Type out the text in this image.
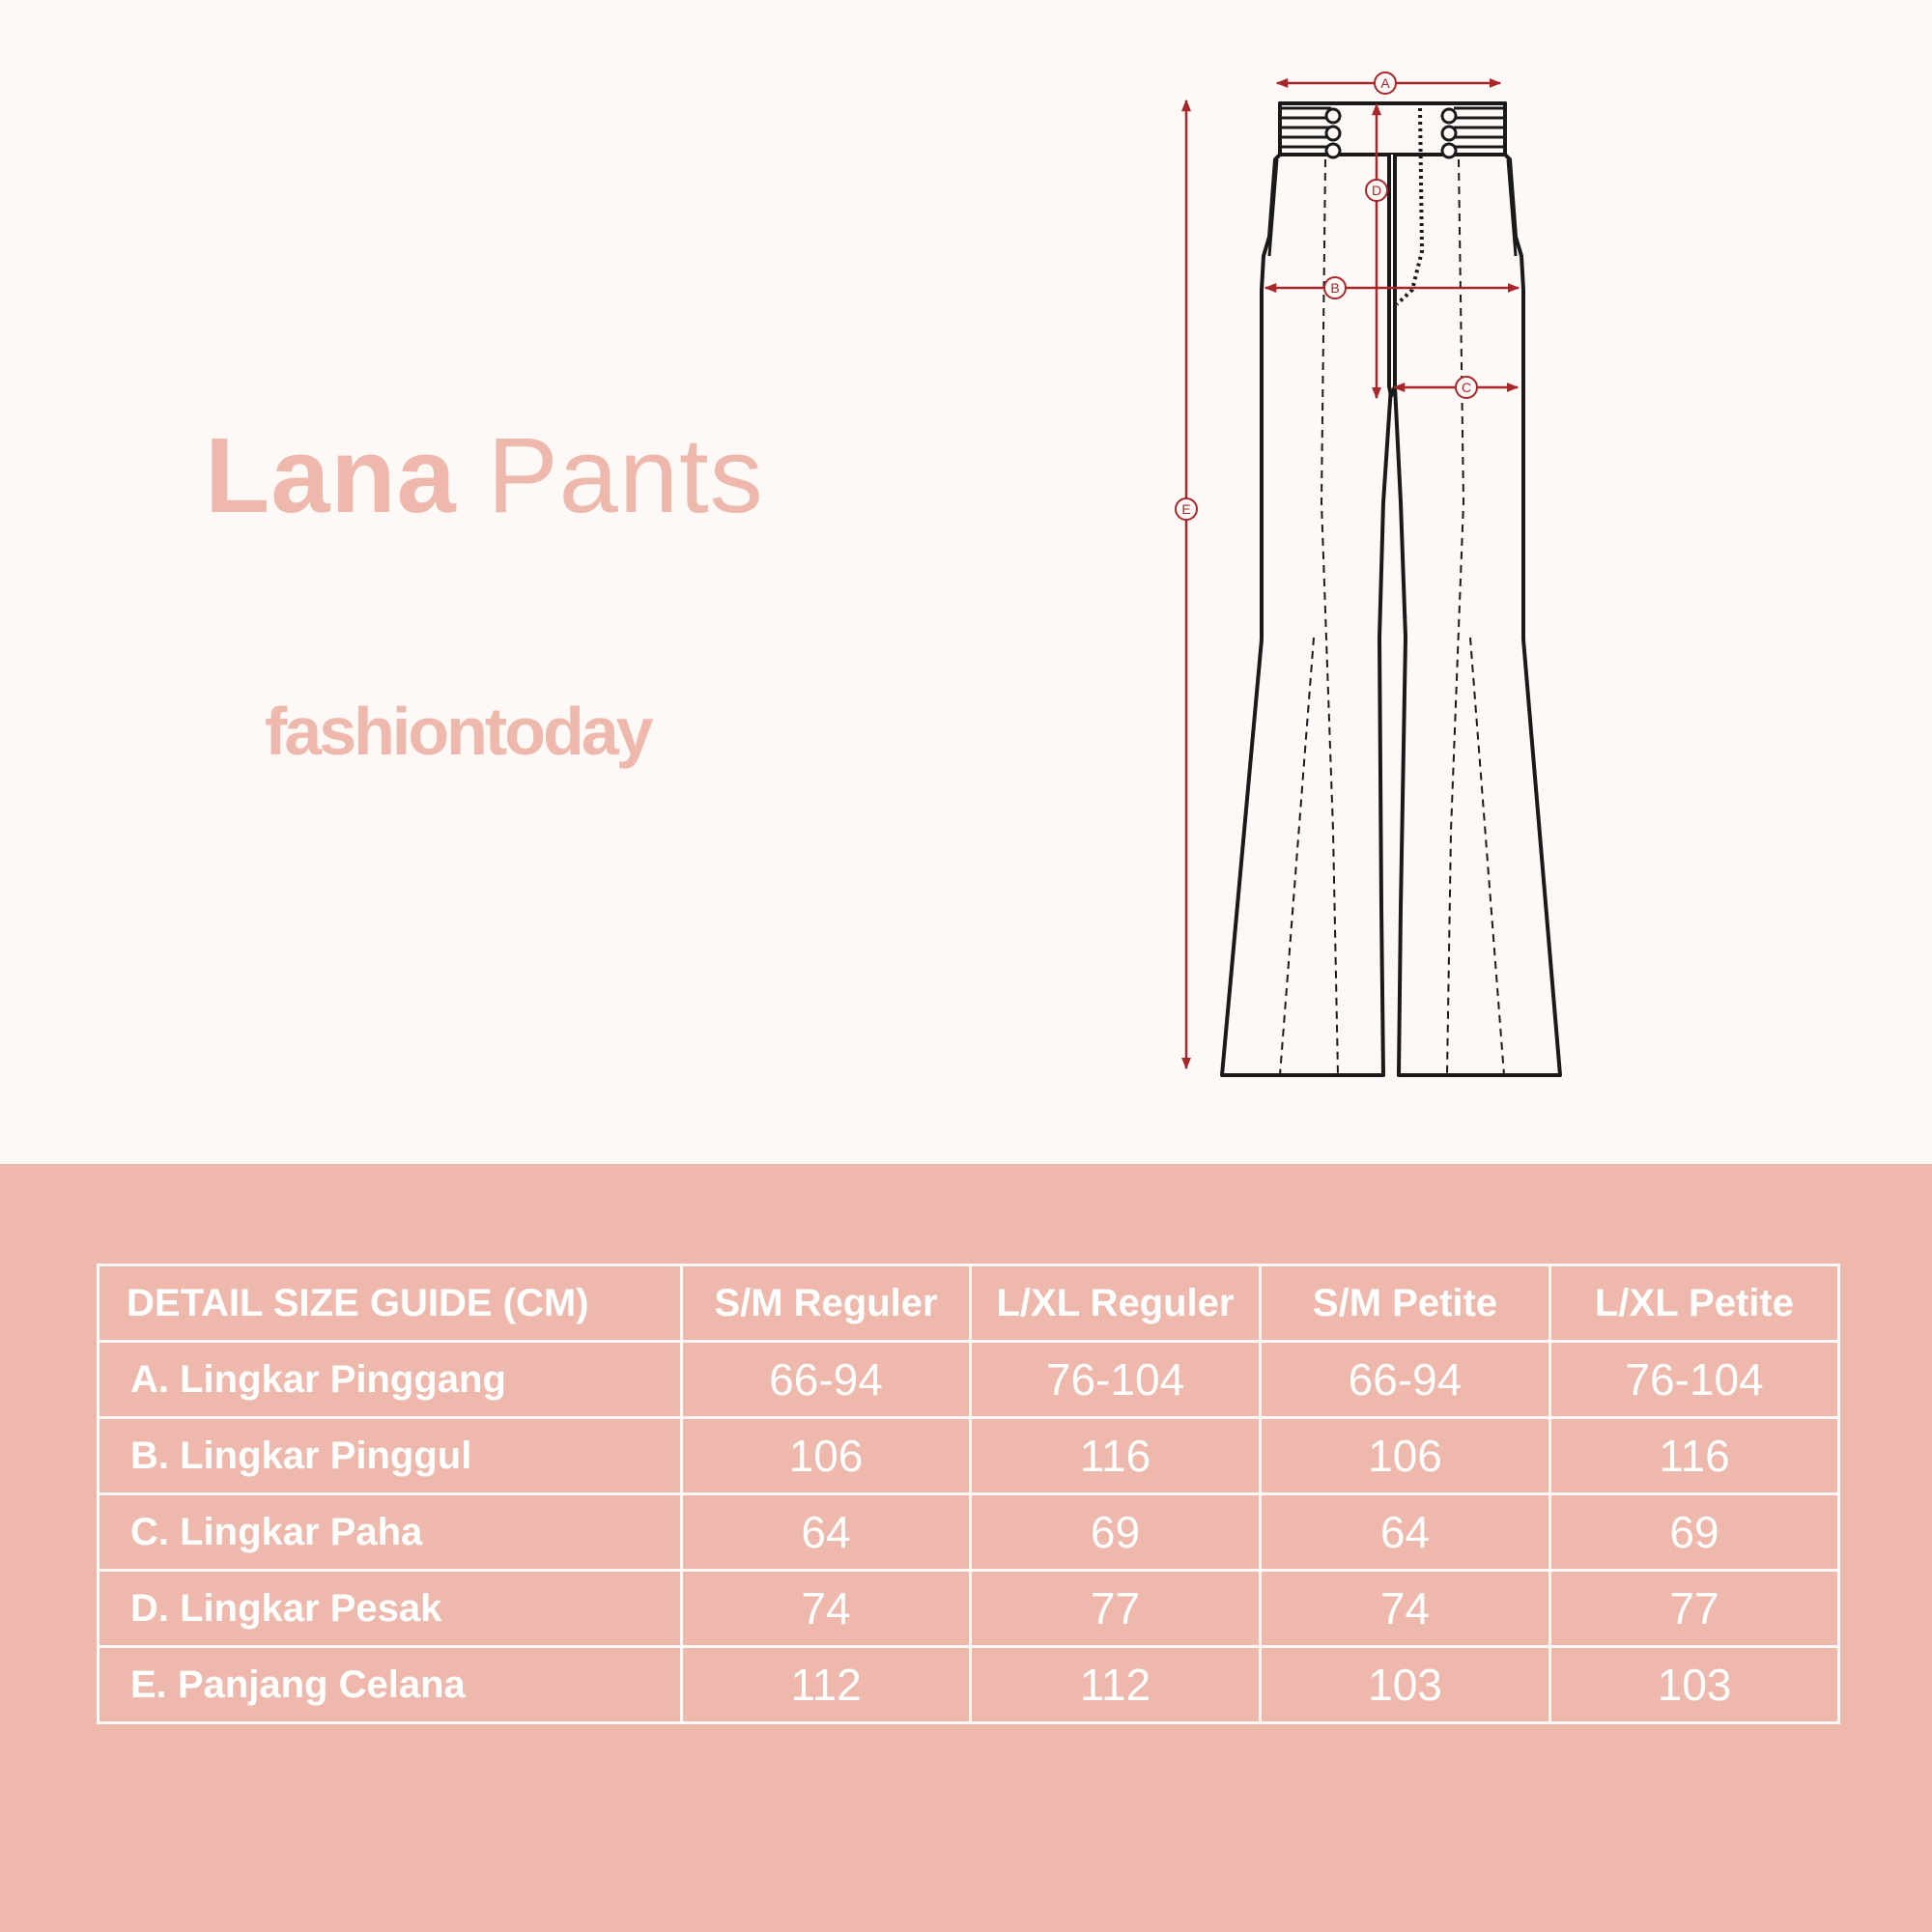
Lana Pants
fashiontoday
A
B
C
D
E
DETAIL SIZE GUIDE (CM)	S/M Reguler	L/XL Reguler	S/M Petite	L/XL Petite
A. Lingkar Pinggang	66-94	76-104	66-94	76-104
B. Lingkar Pinggul	106	116	106	116
C. Lingkar Paha	64	69	64	69
D. Lingkar Pesak	74	77	74	77
E. Panjang Celana	112	112	103	103
